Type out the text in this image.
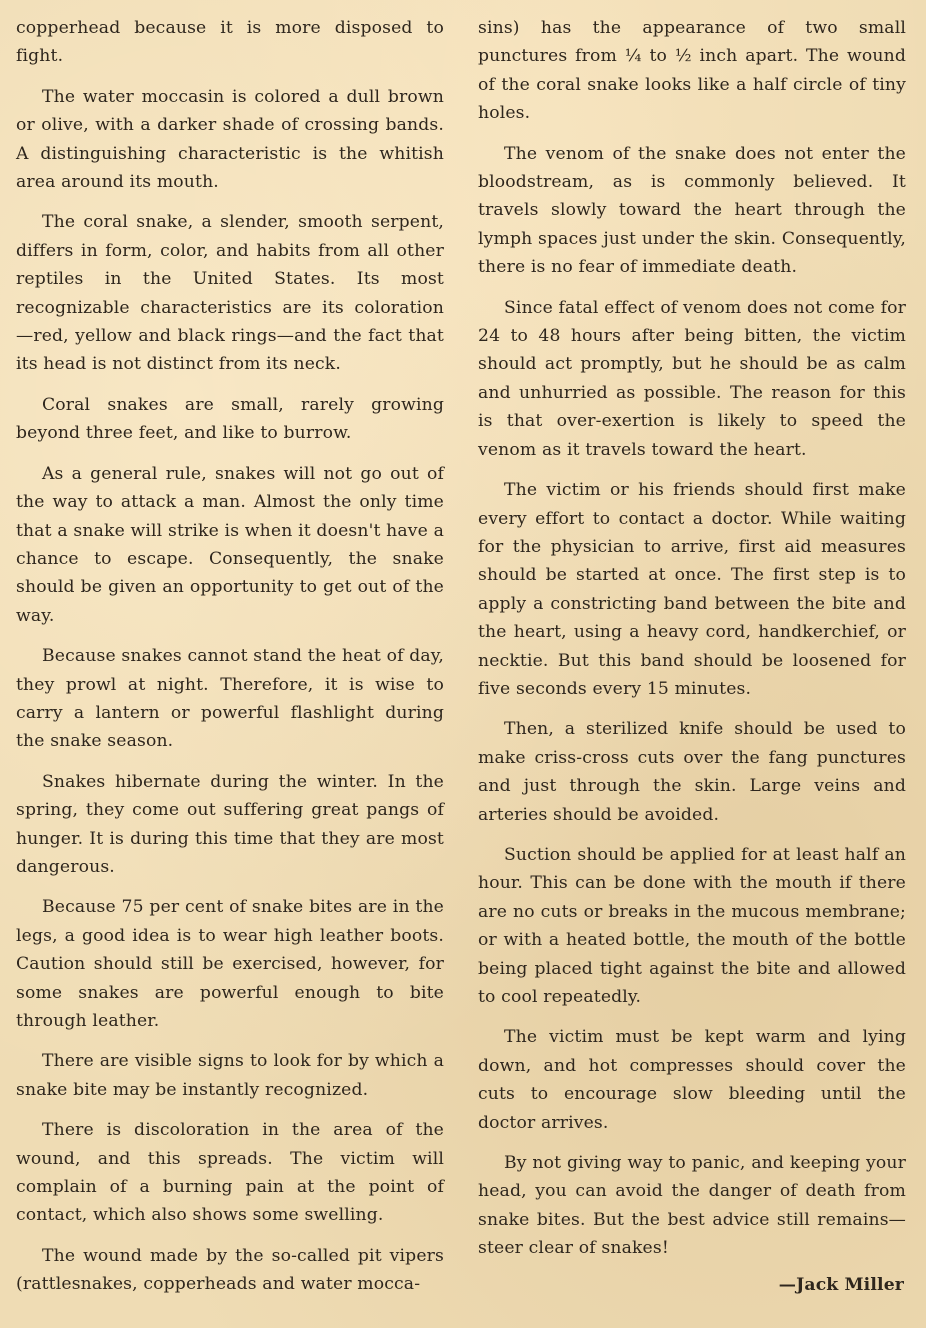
copperhead because it is more disposed to fight.

The water moccasin is colored a dull brown or olive, with a darker shade of crossing bands. A distinguishing characteristic is the whitish area around its mouth.

The coral snake, a slender, smooth serpent, differs in form, color, and habits from all other reptiles in the United States. Its most recognizable characteristics are its coloration —red, yellow and black rings—and the fact that its head is not distinct from its neck.

Coral snakes are small, rarely growing beyond three feet, and like to burrow.

As a general rule, snakes will not go out of the way to attack a man. Almost the only time that a snake will strike is when it doesn't have a chance to escape. Consequently, the snake should be given an opportunity to get out of the way.

Because snakes cannot stand the heat of day, they prowl at night. Therefore, it is wise to carry a lantern or powerful flashlight during the snake season.

Snakes hibernate during the winter. In the spring, they come out suffering great pangs of hunger. It is during this time that they are most dangerous.

Because 75 per cent of snake bites are in the legs, a good idea is to wear high leather boots. Caution should still be exercised, however, for some snakes are powerful enough to bite through leather.

There are visible signs to look for by which a snake bite may be instantly recognized.

There is discoloration in the area of the wound, and this spreads. The victim will complain of a burning pain at the point of contact, which also shows some swelling.

The wound made by the so-called pit vipers (rattlesnakes, copperheads and water mocca-

sins) has the appearance of two small punctures from ¼ to ½ inch apart. The wound of the coral snake looks like a half circle of tiny holes.

The venom of the snake does not enter the bloodstream, as is commonly believed. It travels slowly toward the heart through the lymph spaces just under the skin. Consequently, there is no fear of immediate death.

Since fatal effect of venom does not come for 24 to 48 hours after being bitten, the victim should act promptly, but he should be as calm and unhurried as possible. The reason for this is that over-exertion is likely to speed the venom as it travels toward the heart.

The victim or his friends should first make every effort to contact a doctor. While waiting for the physician to arrive, first aid measures should be started at once. The first step is to apply a constricting band between the bite and the heart, using a heavy cord, handkerchief, or necktie. But this band should be loosened for five seconds every 15 minutes.

Then, a sterilized knife should be used to make criss-cross cuts over the fang punctures and just through the skin. Large veins and arteries should be avoided.

Suction should be applied for at least half an hour. This can be done with the mouth if there are no cuts or breaks in the mucous membrane; or with a heated bottle, the mouth of the bottle being placed tight against the bite and allowed to cool repeatedly.

The victim must be kept warm and lying down, and hot compresses should cover the cuts to encourage slow bleeding until the doctor arrives.

By not giving way to panic, and keeping your head, you can avoid the danger of death from snake bites. But the best advice still remains—steer clear of snakes!

—Jack Miller
